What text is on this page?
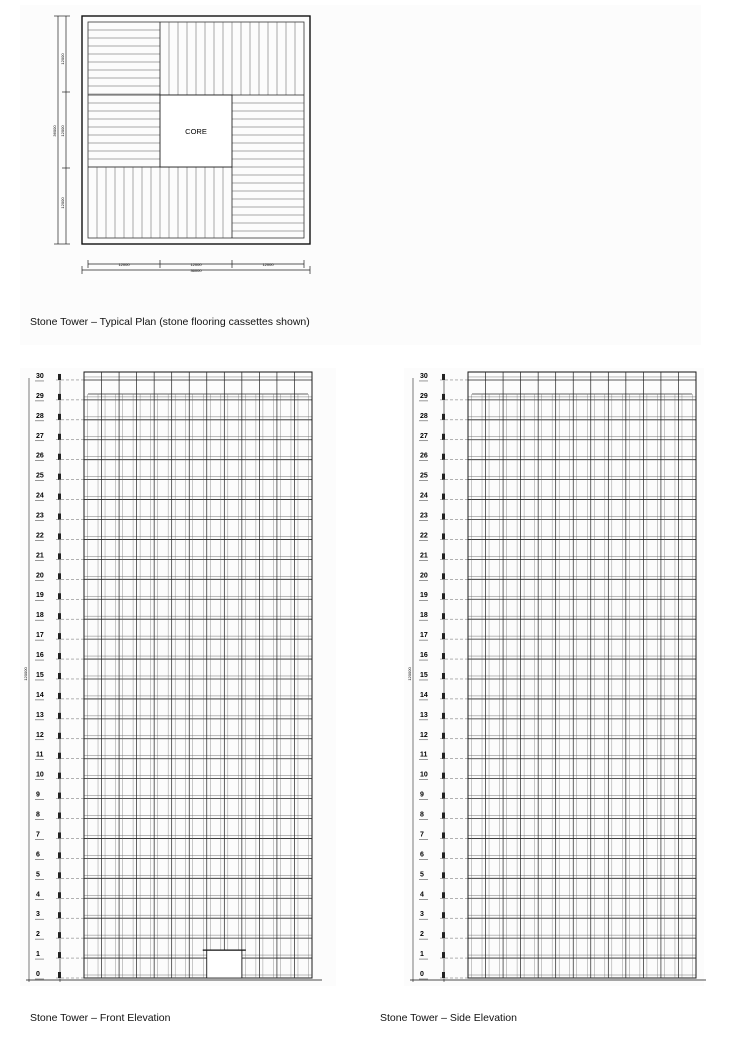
CORE
12000
12000
12000
36000
12000	12000	12000
36000
0
1
2
3
4
5
6
7
8
9
10
11
12
13
14
15
16
17
18
19
20
21
22
23
24
25
26
27
28
29
30
120000
0
1
2
3
4
5
6
7
8
9
10
11
12
13
14
15
16
17
18
19
20
21
22
23
24
25
26
27
28
29
30
120000
Stone Tower – Typical Plan (stone flooring cassettes shown)
Stone Tower – Front Elevation	Stone Tower – Side Elevation
